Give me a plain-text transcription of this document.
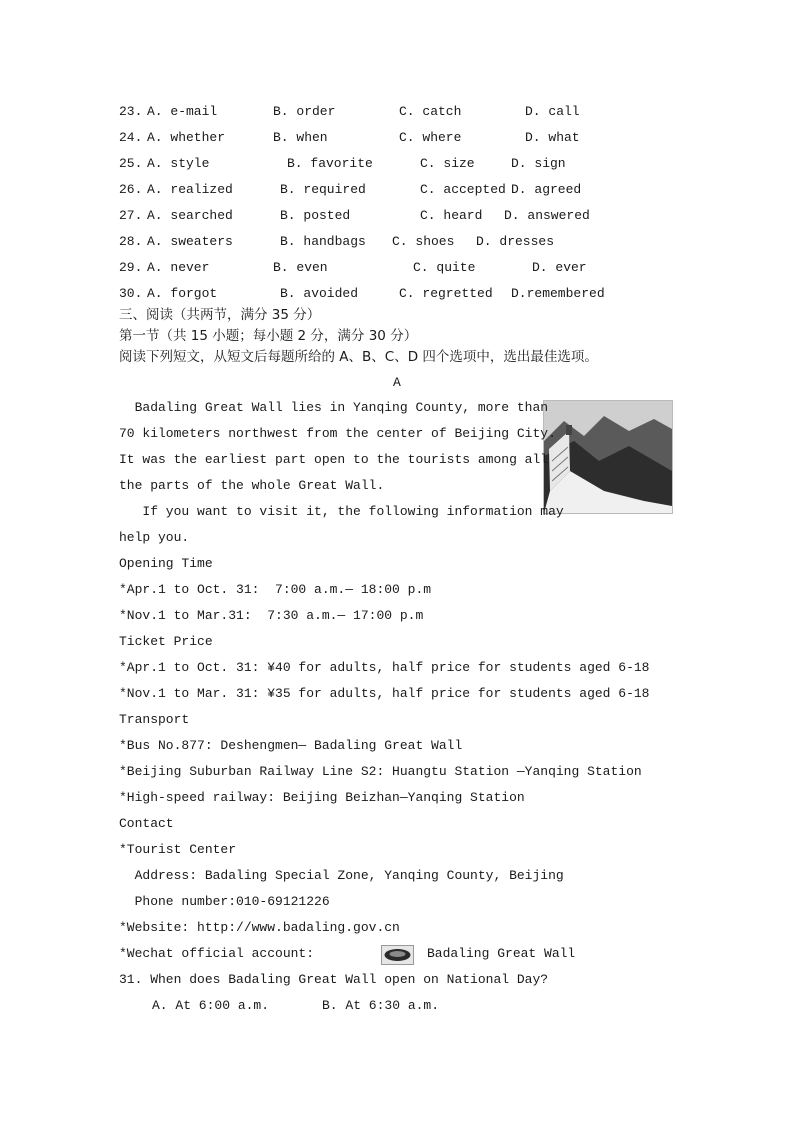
23. A. e-mail	B. order	C. catch	D. call
24. A. whether	B. when	C. where	D. what
25. A. style	B. favorite	C. size	D. sign
26. A. realized	B. required	C. accepted D. agreed
27. A. searched	B. posted	C. heard D. answered
28. A. sweaters	B. handbags C. shoes D. dresses
29. A. never	B. even	C. quite	D. ever
30. A. forgot	B. avoided	C. regretted D.remembered
三、阅读（共两节，满分 35 分）
第一节（共 15 小题；每小题 2 分，满分 30 分）
阅读下列短文，从短文后每题所给的 A、B、C、D 四个选项中，选出最佳选项。
A
Badaling Great Wall lies in Yanqing County, more than
70 kilometers northwest from the center of Beijing City.
It was the earliest part open to the tourists among all
the parts of the whole Great Wall.
If you want to visit it, the following information may
help you.
Opening Time
*Apr.1 to Oct. 31:  7:00 a.m.— 18:00 p.m
*Nov.1 to Mar.31:  7:30 a.m.— 17:00 p.m
Ticket Price
*Apr.1 to Oct. 31: ¥40 for adults, half price for students aged 6-18
*Nov.1 to Mar. 31: ¥35 for adults, half price for students aged 6-18
Transport
*Bus No.877: Deshengmen— Badaling Great Wall
*Beijing Suburban Railway Line S2: Huangtu Station —Yanqing Station
*High-speed railway: Beijing Beizhan—Yanqing Station
Contact
*Tourist Center
Address: Badaling Special Zone, Yanqing County, Beijing
Phone number:010-69121226
*Website: http://www.badaling.gov.cn
*Wechat official account:	Badaling Great Wall
31. When does Badaling Great Wall open on National Day?
A. At 6:00 a.m.	B. At 6:30 a.m.
